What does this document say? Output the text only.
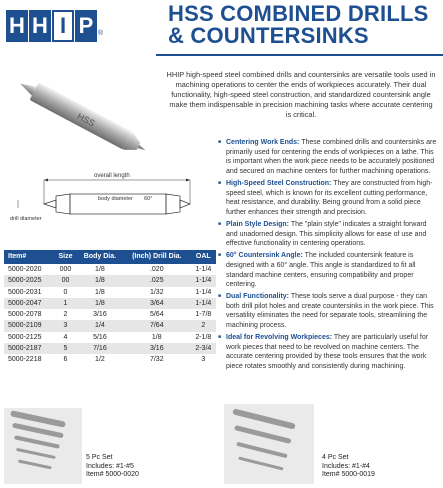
H H I P ®
HSS COMBINED DRILLS
& COUNTERSINKS
HSS
overall length
body diameter 60°
drill diameter

HHIP high-speed steel combined drills and countersinks are versatile tools used in machining operations to center the ends of workpieces accurately. Their dual functionality, high-speed steel construction, and standardized countersink angle make them indispensable in precision machining tasks where accurate centering is critical.

Item#	Size	Body Dia.	(Inch) Drill Dia.	OAL
5000-2020	000	1/8	.020	1-1/4
5000-2025	00	1/8	.025	1-1/4
5000-2031	0	1/8	1/32	1-1/4
5000-2047	1	1/8	3/64	1-1/4
5000-2078	2	3/16	5/64	1-7/8
5000-2109	3	1/4	7/64	2
5000-2125	4	5/16	1/8	2-1/8
5000-2187	5	7/16	3/16	2-3/4
5000-2218	6	1/2	7/32	3
■ Centering Work Ends: These combined drills and countersinks are primarily used for centering the ends of workpieces on a lathe. This is important when the work piece needs to be accurately positioned and secured on machine centers for further machining operations.
■ High-Speed Steel Construction: They are constructed from high-speed steel, which is known for its excellent cutting performance, heat resistance, and durability. Being ground from a solid piece further enhances their strength and precision.
■ Plain Style Design: The "plain style" indicates a straight forward and unadorned design. This simplicity allows for ease of use and effective functionality in centering operations.
■ 60° Countersink Angle: The included countersink feature is designed with a 60° angle. This angle is standardized to fit all standard machine centers, ensuring compatibility and proper centering.
■ Dual Functionality: These tools serve a dual purpose - they can both drill pilot holes and create countersinks in the work piece. This versatility eliminates the need for separate tools, streamlining the machining process.
■ Ideal for Revolving Workpieces: They are particularly useful for work pieces that need to be revolved on machine centers. The accurate centering provided by these tools ensures that the work piece rotates smoothly and consistently during machining.
5 Pc Set
Includes: #1-#5
Item# 5000-0020
4 Pc Set
Includes: #1-#4
Item# 5000-0019
